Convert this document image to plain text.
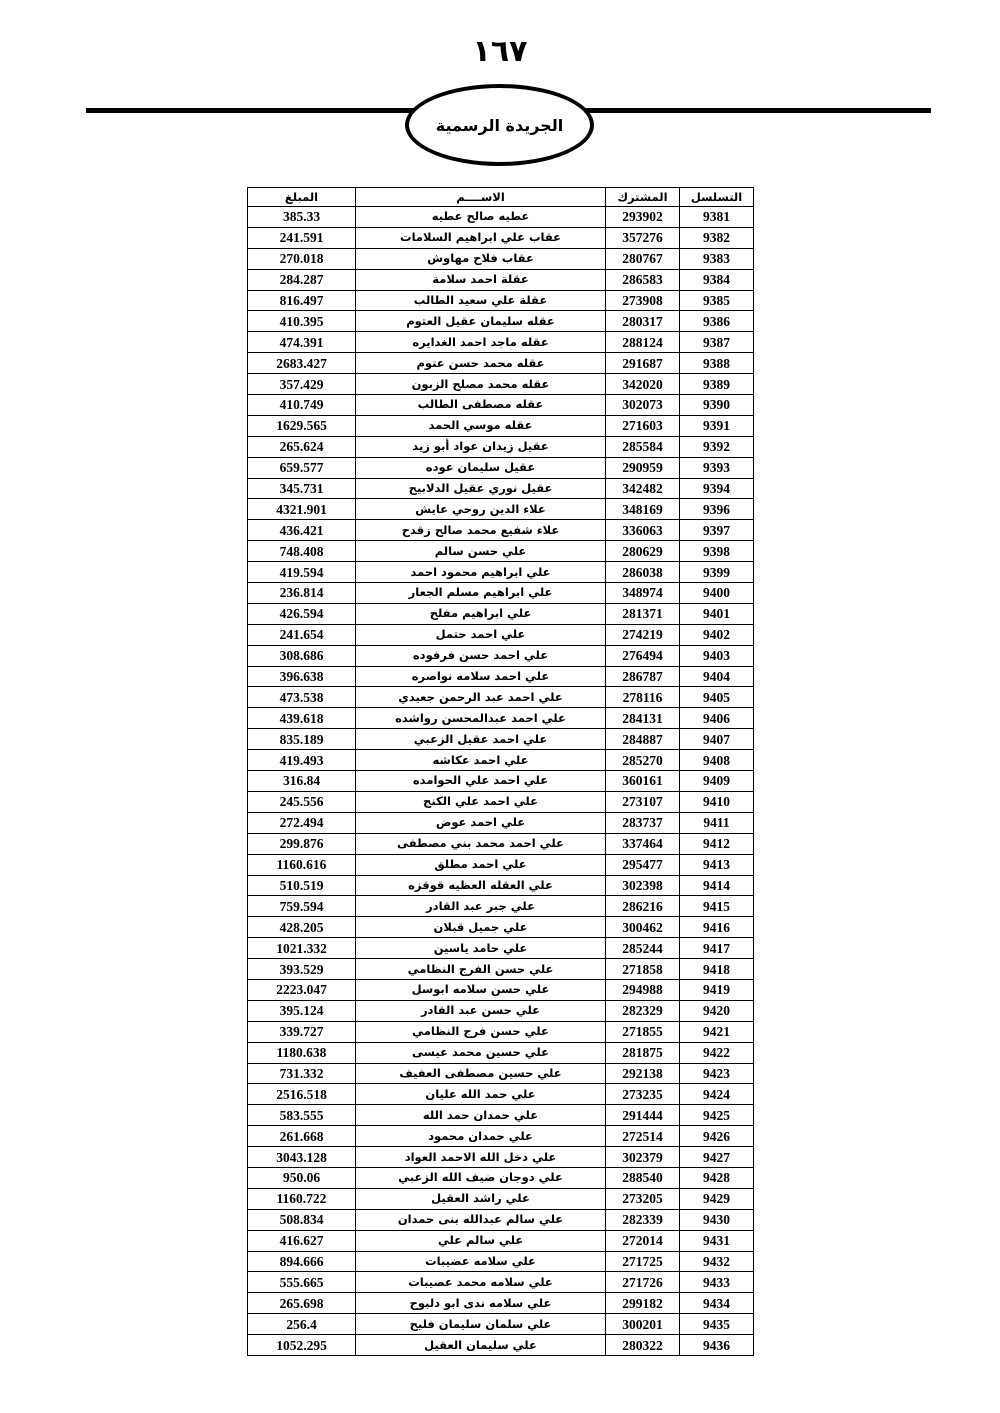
١٦٧
الجريدة الرسمية
المبلغ	الاســــم	المشترك	التسلسل
385.33	عطيه صالح عطيه	293902	9381
241.591	عقاب علي ابراهيم السلامات	357276	9382
270.018	عقاب فلاح مهاوش	280767	9383
284.287	عقلة احمد سلامة	286583	9384
816.497	عقلة علي سعيد الطالب	273908	9385
410.395	عقله سليمان عقيل العتوم	280317	9386
474.391	عقله ماجد احمد الغدايره	288124	9387
2683.427	عقله محمد حسن عتوم	291687	9388
357.429	عقله محمد مصلح الزبون	342020	9389
410.749	عقله مصطفى الطالب	302073	9390
1629.565	عقله موسي الحمد	271603	9391
265.624	عقيل زيدان عواد أبو زيد	285584	9392
659.577	عقيل سليمان عوده	290959	9393
345.731	عقيل نوري عقيل الدلابيح	342482	9394
4321.901	علاء الدين روحي عايش	348169	9396
436.421	علاء شفيع محمد صالح زقدح	336063	9397
748.408	علي حسن سالم	280629	9398
419.594	علي ابراهيم محمود احمد	286038	9399
236.814	علي ابراهيم مسلم الجعار	348974	9400
426.594	علي ابراهيم مفلح	281371	9401
241.654	علي احمد حتمل	274219	9402
308.686	علي احمد حسن فرفوده	276494	9403
396.638	علي احمد سلامه نواصره	286787	9404
473.538	علي احمد عبد الرحمن جعيدي	278116	9405
439.618	علي احمد عبدالمحسن رواشده	284131	9406
835.189	علي احمد عقيل الزعبي	284887	9407
419.493	علي احمد عكاشه	285270	9408
316.84	علي احمد علي الحوامده	360161	9409
245.556	علي احمد علي الكنج	273107	9410
272.494	علي احمد عوض	283737	9411
299.876	علي احمد محمد بني مصطفى	337464	9412
1160.616	علي احمد مطلق	295477	9413
510.519	علي العقله العظيه قوقزه	302398	9414
759.594	علي جبر عبد القادر	286216	9415
428.205	علي جميل قبلان	300462	9416
1021.332	علي حامد ياسين	285244	9417
393.529	علي حسن الفرج النظامي	271858	9418
2223.047	علي حسن سلامه ابوسل	294988	9419
395.124	علي حسن عبد القادر	282329	9420
339.727	علي حسن فرج النظامي	271855	9421
1180.638	علي حسين محمد عيسى	281875	9422
731.332	علي حسين مصطفى العفيف	292138	9423
2516.518	علي حمد الله عليان	273235	9424
583.555	علي حمدان حمد الله	291444	9425
261.668	علي حمدان محمود	272514	9426
3043.128	علي دخل الله الاحمد العواد	302379	9427
950.06	علي دوجان ضيف الله الزعبي	288540	9428
1160.722	علي راشد العقيل	273205	9429
508.834	علي سالم عبدالله بنى حمدان	282339	9430
416.627	علي سالم علي	272014	9431
894.666	علي سلامه عضيبات	271725	9432
555.665	علي سلامه محمد عصيبات	271726	9433
265.698	علي سلامه ندى ابو دلبوح	299182	9434
256.4	علي سلمان سليمان فليح	300201	9435
1052.295	علي سليمان العقيل	280322	9436
